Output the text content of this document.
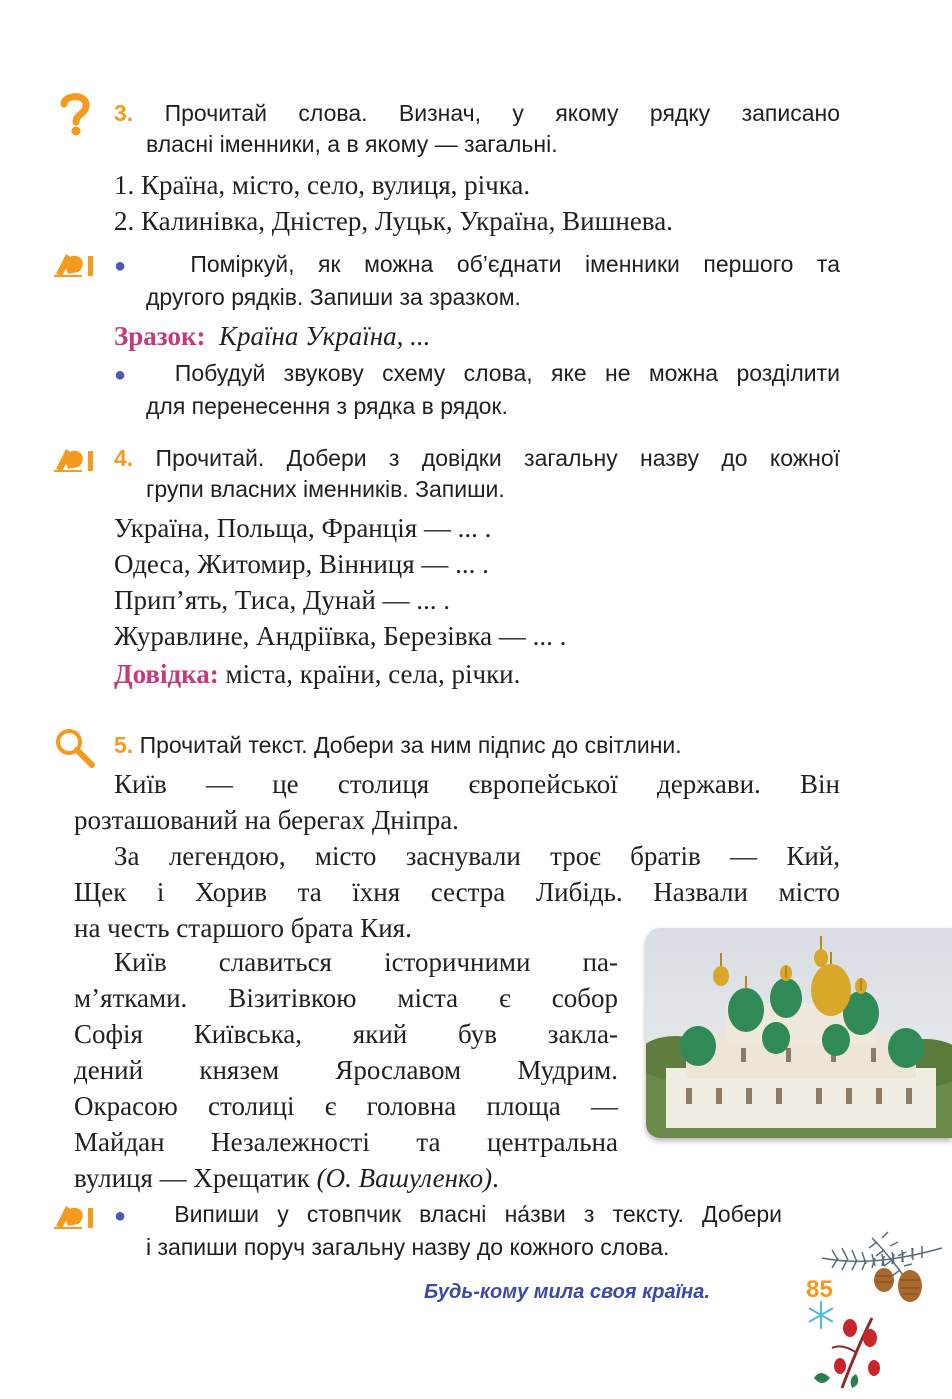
3. Прочитай слова. Визнач, у якому рядку записано
власні іменники, а в якому — загальні.
1. Країна, місто, село, вулиця, річка.
2. Калинівка, Дністер, Луцьк, Україна, Вишнева.
● Поміркуй, як можна об’єднати іменники першого та
другого рядків. Запиши за зразком.
Зразок: Країна Україна, ...
● Побудуй звукову схему слова, яке не можна розділити
для перенесення з рядка в рядок.
4. Прочитай. Добери з довідки загальну назву до кожної
групи власних іменників. Запиши.
Україна, Польща, Франція — ... .
Одеса, Житомир, Вінниця — ... .
Прип’ять, Тиса, Дунай — ... .
Журавлине, Андріївка, Березівка — ... .
Довідка: міста, країни, села, річки.
5. Прочитай текст. Добери за ним підпис до світлини.
Київ — це столиця європейської держави. Він
розташований на берегах Дніпра.
За легендою, місто заснували троє братів — Кий,
Щек і Хорив та їхня сестра Либідь. Назвали місто
на честь старшого брата Кия.
Київ славиться історичними па-
м’ятками. Візитівкою міста є собор
Софія Київська, який був закла-
дений князем Ярославом Мудрим.
Окрасою столиці є головна площа —
Майдан Незалежності та центральна
вулиця — Хрещатик (О. Вашуленко).
● Випиши у стовпчик власні на́зви з тексту. Добери
і запиши поруч загальну назву до кожного слова.
Будь-кому мила своя країна.	85
